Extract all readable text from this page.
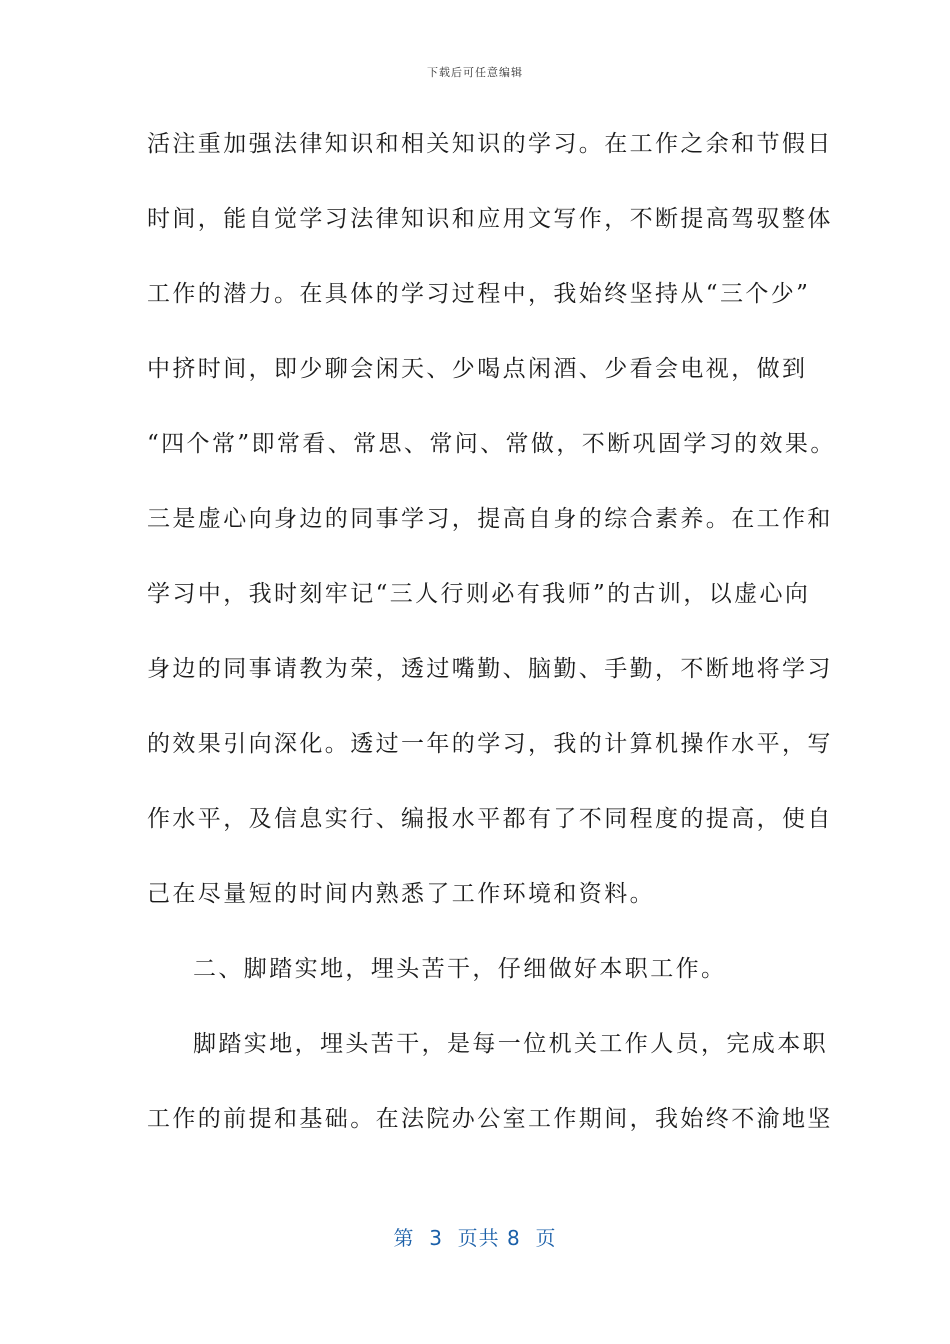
下载后可任意编辑
活注重加强法律知识和相关知识的学习。在工作之余和节假日
时间，能自觉学习法律知识和应用文写作，不断提高驾驭整体
工作的潜力。在具体的学习过程中，我始终坚持从“三个少”
中挤时间，即少聊会闲天、少喝点闲酒、少看会电视，做到
“四个常”即常看、常思、常问、常做，不断巩固学习的效果。
三是虚心向身边的同事学习，提高自身的综合素养。在工作和
学习中，我时刻牢记“三人行则必有我师”的古训，以虚心向
身边的同事请教为荣，透过嘴勤、脑勤、手勤，不断地将学习
的效果引向深化。透过一年的学习，我的计算机操作水平，写
作水平，及信息实行、编报水平都有了不同程度的提高，使自
己在尽量短的时间内熟悉了工作环境和资料。
二、脚踏实地，埋头苦干，仔细做好本职工作。
脚踏实地，埋头苦干，是每一位机关工作人员，完成本职
工作的前提和基础。在法院办公室工作期间，我始终不渝地坚
第  3  页共 8  页
